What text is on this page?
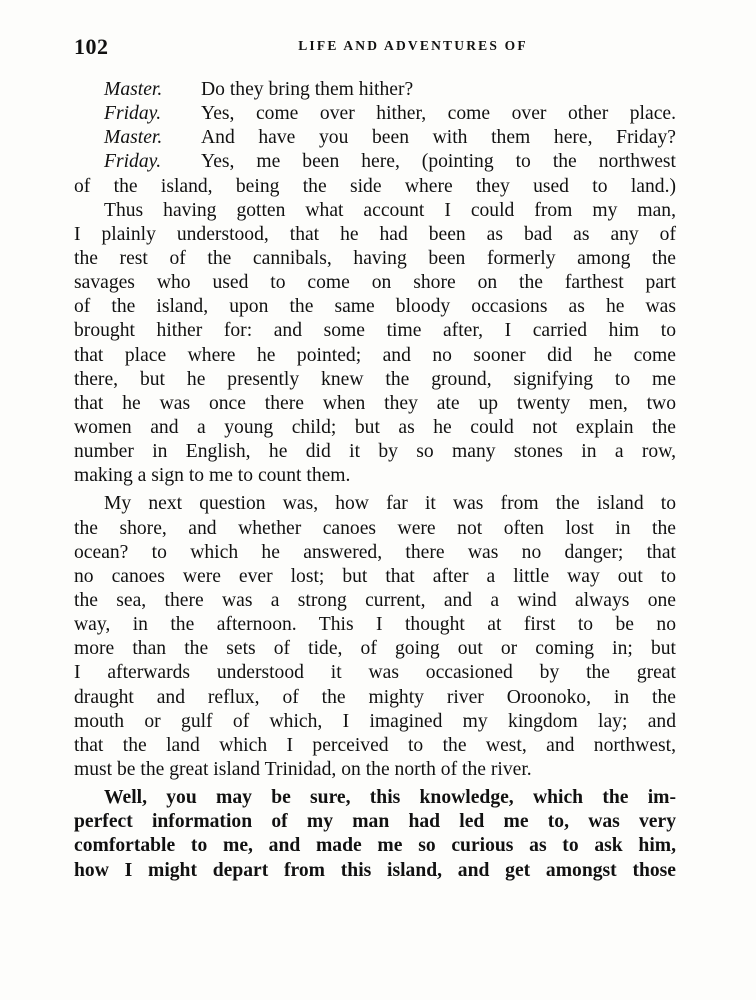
102	LIFE AND ADVENTURES OF
Master.	Do they bring them hither?
Friday.	Yes, come over hither, come over other place.
Master.	And have you been with them here, Friday?
Friday.	Yes, me been here, (pointing to the northwest
of the island, being the side where they used to land.)
Thus having gotten what account I could from my man,
I plainly understood, that he had been as bad as any of
the rest of the cannibals, having been formerly among the
savages who used to come on shore on the farthest part
of the island, upon the same bloody occasions as he was
brought hither for: and some time after, I carried him to
that place where he pointed; and no sooner did he come
there, but he presently knew the ground, signifying to me
that he was once there when they ate up twenty men, two
women and a young child; but as he could not explain the
number in English, he did it by so many stones in a row,
making a sign to me to count them.
My next question was, how far it was from the island to
the shore, and whether canoes were not often lost in the
ocean? to which he answered, there was no danger; that
no canoes were ever lost; but that after a little way out to
the sea, there was a strong current, and a wind always one
way, in the afternoon. This I thought at first to be no
more than the sets of tide, of going out or coming in; but
I afterwards understood it was occasioned by the great
draught and reflux, of the mighty river Oroonoko, in the
mouth or gulf of which, I imagined my kingdom lay; and
that the land which I perceived to the west, and northwest,
must be the great island Trinidad, on the north of the river.
Well, you may be sure, this knowledge, which the im-
perfect information of my man had led me to, was very
comfortable to me, and made me so curious as to ask him,
how I might depart from this island, and get amongst those
